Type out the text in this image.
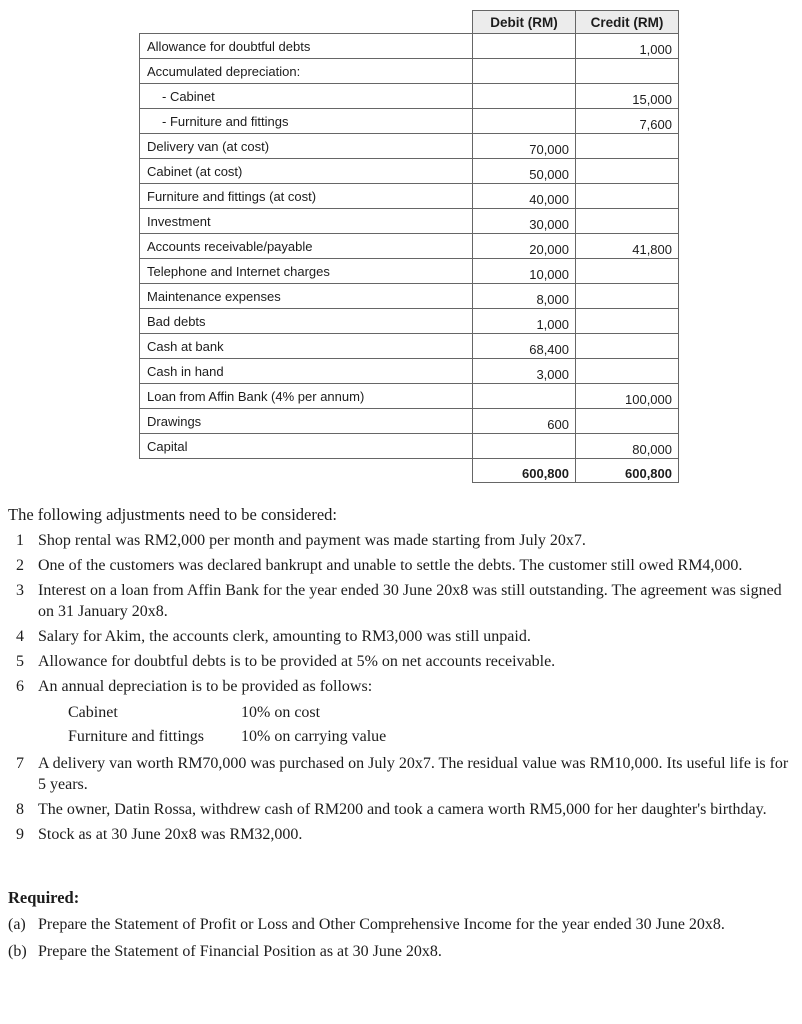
	Debit (RM)	Credit (RM)
Allowance for doubtful debts		1,000
Accumulated depreciation:		
- Cabinet		15,000
- Furniture and fittings		7,600
Delivery van (at cost)	70,000	
Cabinet (at cost)	50,000	
Furniture and fittings (at cost)	40,000	
Investment	30,000	
Accounts receivable/payable	20,000	41,800
Telephone and Internet charges	10,000	
Maintenance expenses	8,000	
Bad debts	1,000	
Cash at bank	68,400	
Cash in hand	3,000	
Loan from Affin Bank (4% per annum)		100,000
Drawings	600	
Capital		80,000
	600,800	600,800
The following adjustments need to be considered:
1 Shop rental was RM2,000 per month and payment was made starting from July 20x7.
2 One of the customers was declared bankrupt and unable to settle the debts. The customer still owed RM4,000.
3 Interest on a loan from Affin Bank for the year ended 30 June 20x8 was still outstanding. The agreement was signed on 31 January 20x8.
4 Salary for Akim, the accounts clerk, amounting to RM3,000 was still unpaid.
5 Allowance for doubtful debts is to be provided at 5% on net accounts receivable.
6 An annual depreciation is to be provided as follows:
Cabinet	10% on cost
Furniture and fittings	10% on carrying value
7 A delivery van worth RM70,000 was purchased on July 20x7. The residual value was RM10,000. Its useful life is for 5 years.
8 The owner, Datin Rossa, withdrew cash of RM200 and took a camera worth RM5,000 for her daughter's birthday.
9 Stock as at 30 June 20x8 was RM32,000.
Required:
(a) Prepare the Statement of Profit or Loss and Other Comprehensive Income for the year ended 30 June 20x8.
(b) Prepare the Statement of Financial Position as at 30 June 20x8.
